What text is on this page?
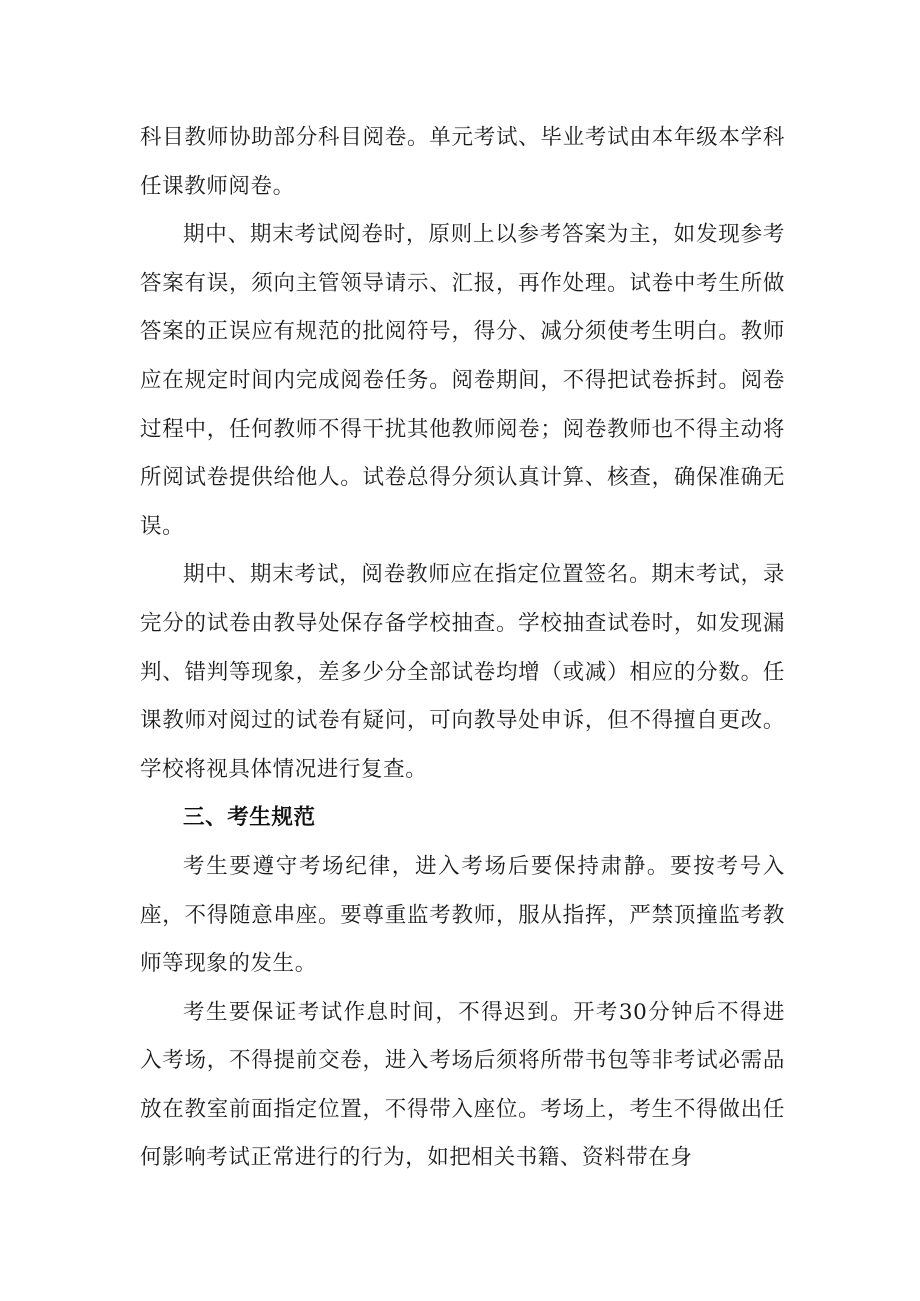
科目教师协助部分科目阅卷。单元考试、毕业考试由本年级本学科任课教师阅卷。

期中、期末考试阅卷时，原则上以参考答案为主，如发现参考答案有误，须向主管领导请示、汇报，再作处理。试卷中考生所做答案的正误应有规范的批阅符号，得分、减分须使考生明白。教师应在规定时间内完成阅卷任务。阅卷期间，不得把试卷拆封。阅卷过程中，任何教师不得干扰其他教师阅卷；阅卷教师也不得主动将所阅试卷提供给他人。试卷总得分须认真计算、核查，确保准确无误。

期中、期末考试，阅卷教师应在指定位置签名。期末考试，录完分的试卷由教导处保存备学校抽查。学校抽查试卷时，如发现漏判、错判等现象，差多少分全部试卷均增（或减）相应的分数。任课教师对阅过的试卷有疑问，可向教导处申诉，但不得擅自更改。学校将视具体情况进行复查。

三、考生规范

考生要遵守考场纪律，进入考场后要保持肃静。要按考号入座，不得随意串座。要尊重监考教师，服从指挥，严禁顶撞监考教师等现象的发生。

考生要保证考试作息时间，不得迟到。开考30分钟后不得进入考场，不得提前交卷，进入考场后须将所带书包等非考试必需品放在教室前面指定位置，不得带入座位。考场上，考生不得做出任何影响考试正常进行的行为，如把相关书籍、资料带在身
